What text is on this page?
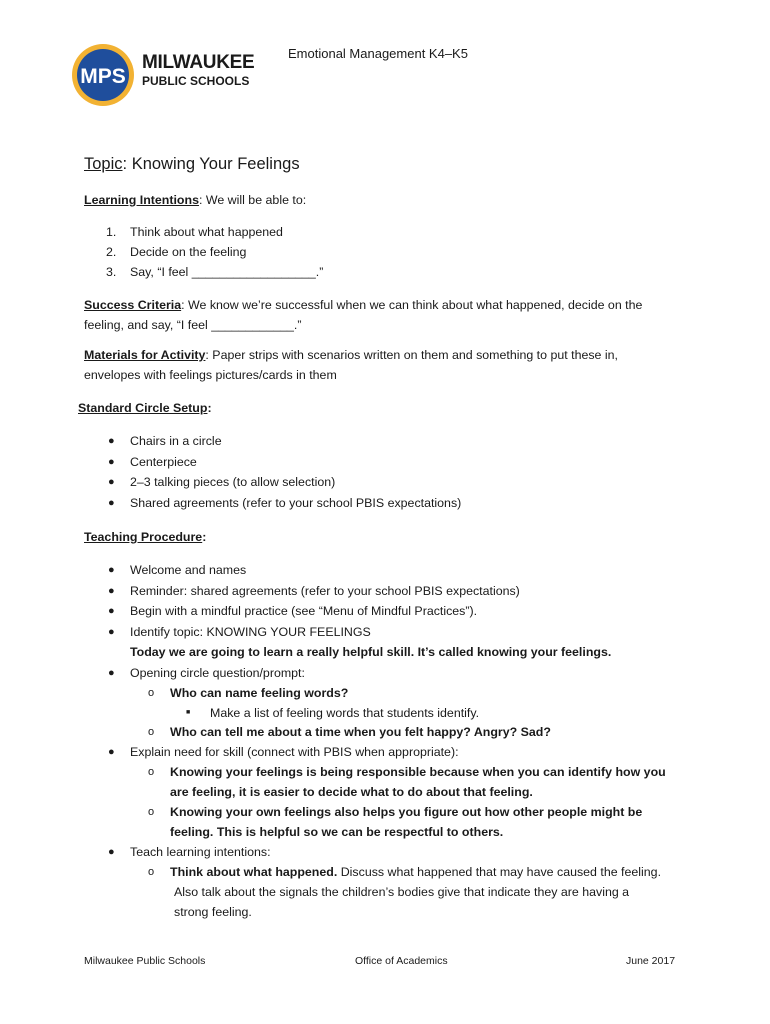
MPS
MILWAUKEE
PUBLIC SCHOOLS
Emotional Management K4–K5
Topic: Knowing Your Feelings
Learning Intentions: We will be able to:
1. Think about what happened
2. Decide on the feeling
3. Say, “I feel __________________.”
Success Criteria: We know we’re successful when we can think about what happened, decide on the
feeling, and say, “I feel ____________.”
Materials for Activity: Paper strips with scenarios written on them and something to put these in,
envelopes with feelings pictures/cards in them
Standard Circle Setup:
● Chairs in a circle
● Centerpiece
● 2–3 talking pieces (to allow selection)
● Shared agreements (refer to your school PBIS expectations)
Teaching Procedure:
● Welcome and names
● Reminder: shared agreements (refer to your school PBIS expectations)
● Begin with a mindful practice (see “Menu of Mindful Practices”).
● Identify topic: KNOWING YOUR FEELINGS
Today we are going to learn a really helpful skill. It’s called knowing your feelings.
● Opening circle question/prompt:
o Who can name feeling words?
■ Make a list of feeling words that students identify.
o Who can tell me about a time when you felt happy? Angry? Sad?
● Explain need for skill (connect with PBIS when appropriate):
o Knowing your feelings is being responsible because when you can identify how you
are feeling, it is easier to decide what to do about that feeling.
o Knowing your own feelings also helps you figure out how other people might be
feeling. This is helpful so we can be respectful to others.
● Teach learning intentions:
o Think about what happened. Discuss what happened that may have caused the feeling.
Also talk about the signals the children’s bodies give that indicate they are having a
strong feeling.
Milwaukee Public Schools	Office of Academics	June 2017
